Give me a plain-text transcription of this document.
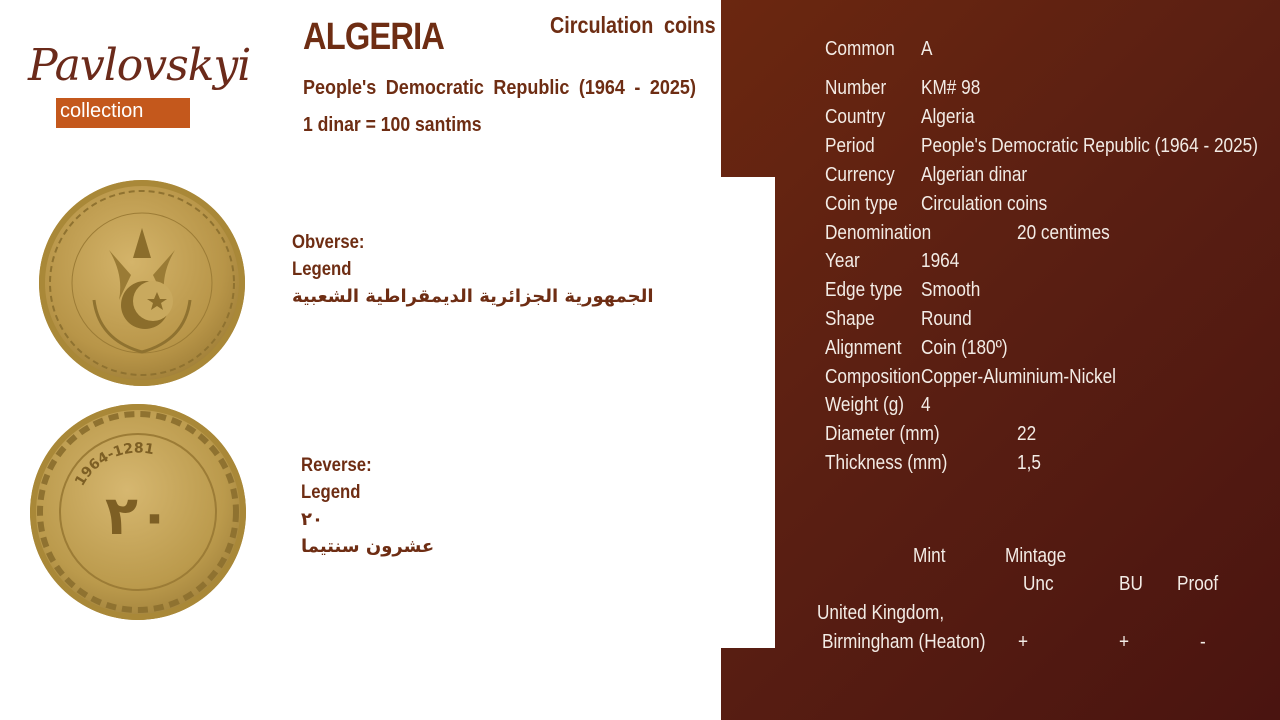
Pavlovskyi
collection
ALGERIA	Circulation coins
People's Democratic Republic (1964 - 2025)
1 dinar = 100 santims
1964-1281
٢٠
Obverse:
Legend
الجمهورية الجزائرية الديمقراطية الشعبية
Reverse:
Legend
٢٠
عشرون سنتيما
Common A
Number KM# 98
Country Algeria
Period People's Democratic Republic (1964 - 2025)
Currency Algerian dinar
Coin type Circulation coins
Denomination	20 centimes
Year	1964
Edge type Smooth
Shape Round
Alignment Coin (180º)
Composition Copper-Aluminium-Nickel
Weight (g) 4
Diameter (mm)	22
Thickness (mm)	1,5
Mint	Mintage
Unc	BU Proof
United Kingdom,
Birmingham (Heaton) +	+	-
